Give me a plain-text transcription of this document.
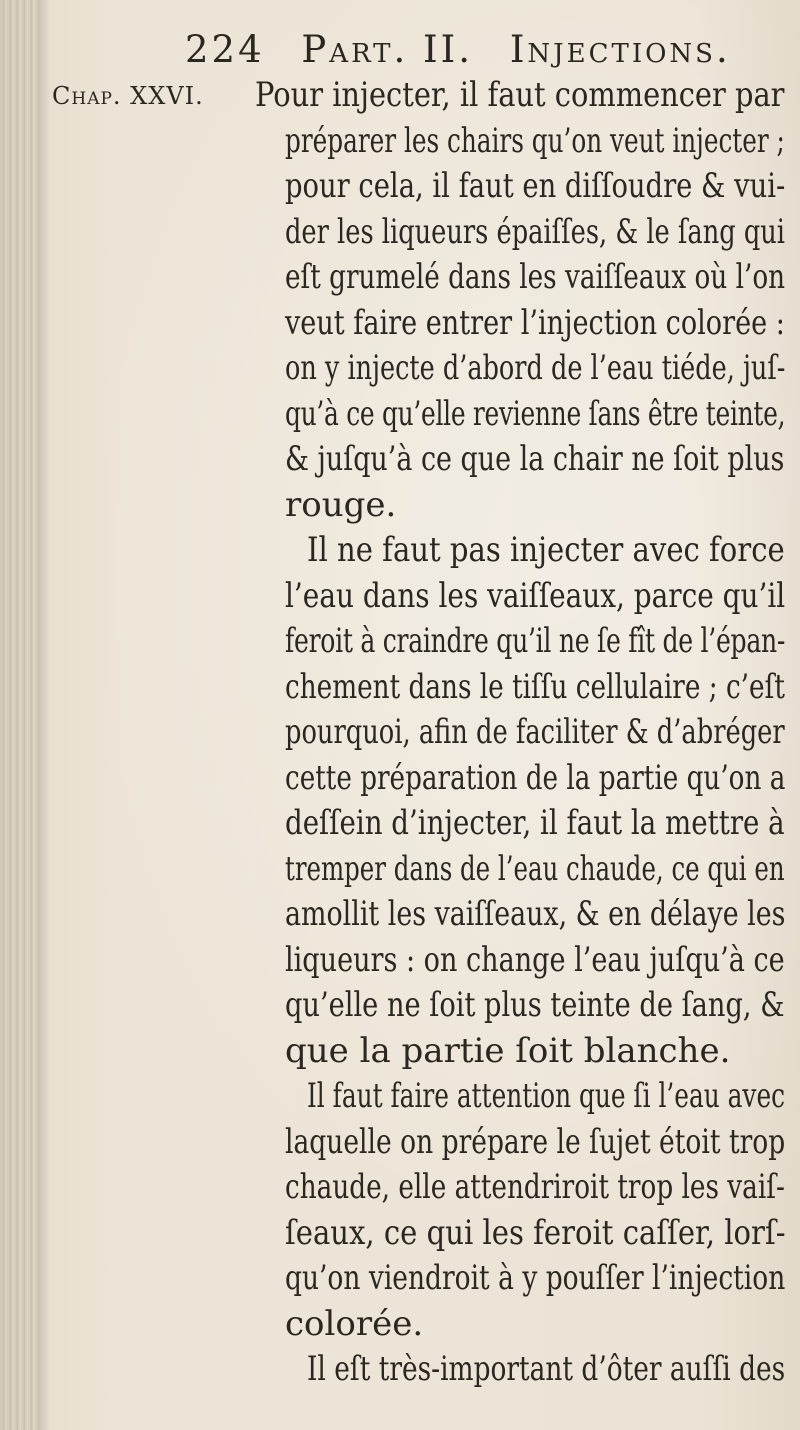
224 Part. II. Injections.
Chap. XXVI. Pour injecter, il faut commencer par
préparer les chairs qu’on veut injecter ;
pour cela, il faut en diſſoudre & vui-
der les liqueurs épaiſſes, & le ſang qui
eſt grumelé dans les vaiſſeaux où l’on
veut faire entrer l’injection colorée :
on y injecte d’abord de l’eau tiéde, juſ-
qu’à ce qu’elle revienne ſans être teinte,
& juſqu’à ce que la chair ne ſoit plus
rouge.
Il ne faut pas injecter avec force
l’eau dans les vaiſſeaux, parce qu’il
feroit à craindre qu’il ne ſe fît de l’épan-
chement dans le tiſſu cellulaire ; c’eſt
pourquoi, afin de faciliter & d’abréger
cette préparation de la partie qu’on a
deſſein d’injecter, il faut la mettre à
tremper dans de l’eau chaude, ce qui en
amollit les vaiſſeaux, & en délaye les
liqueurs : on change l’eau juſqu’à ce
qu’elle ne ſoit plus teinte de ſang, &
que la partie ſoit blanche.
Il faut faire attention que ſi l’eau avec
laquelle on prépare le ſujet étoit trop
chaude, elle attendriroit trop les vaiſ-
ſeaux, ce qui les feroit caſſer, lorſ-
qu’on viendroit à y pouſſer l’injection
colorée.
Il eſt très-important d’ôter auſſi des
